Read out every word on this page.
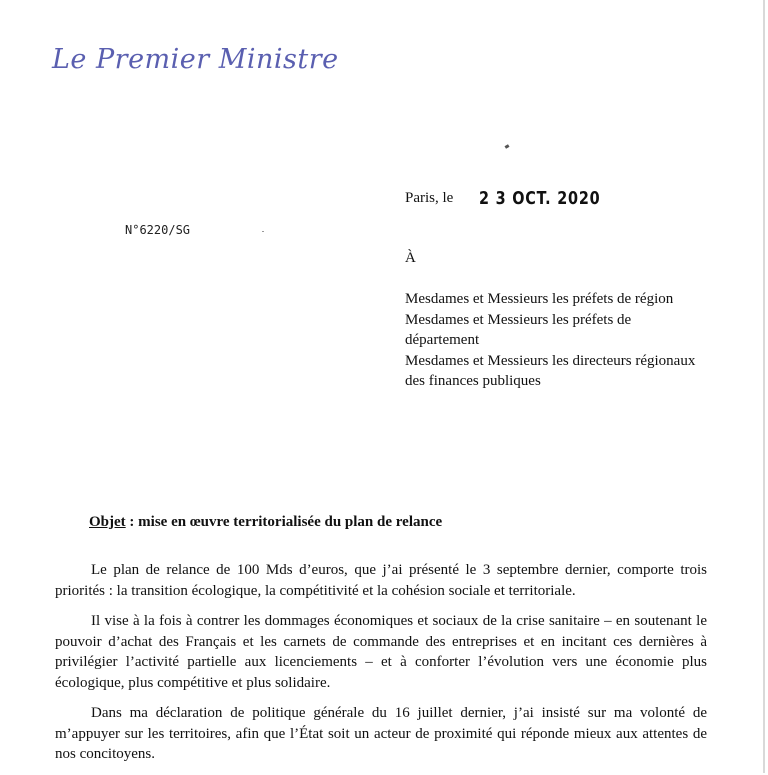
Le Premier Ministre
Paris, le 2 3 OCT. 2020
N°6220/SG
À
Mesdames et Messieurs les préfets de région
Mesdames et Messieurs les préfets de département
Mesdames et Messieurs les directeurs régionaux des finances publiques
Objet : mise en œuvre territorialisée du plan de relance

Le plan de relance de 100 Mds d’euros, que j’ai présenté le 3 septembre dernier, comporte trois priorités : la transition écologique, la compétitivité et la cohésion sociale et territoriale.

Il vise à la fois à contrer les dommages économiques et sociaux de la crise sanitaire – en soutenant le pouvoir d’achat des Français et les carnets de commande des entreprises et en incitant ces dernières à privilégier l’activité partielle aux licenciements – et à conforter l’évolution vers une économie plus écologique, plus compétitive et plus solidaire.

Dans ma déclaration de politique générale du 16 juillet dernier, j’ai insisté sur ma volonté de m’appuyer sur les territoires, afin que l’État soit un acteur de proximité qui réponde mieux aux attentes de nos concitoyens.
